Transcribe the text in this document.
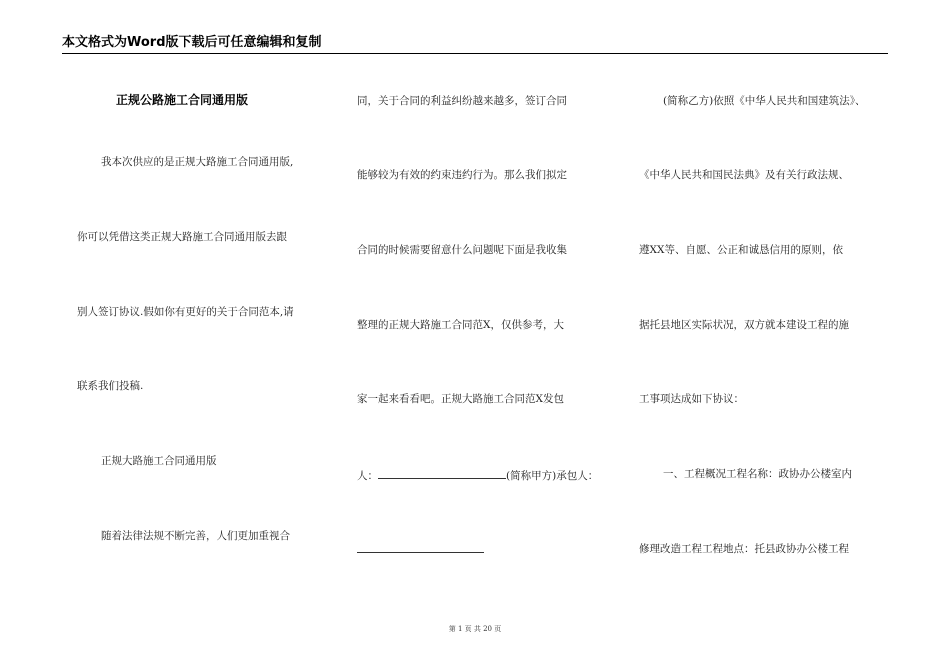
本文格式为Word版下载后可任意编辑和复制
正规公路施工合同通用版
我本次供应的是正规大路施工合同通用版,
你可以凭借这类正规大路施工合同通用版去跟
别人签订协议.假如你有更好的关于合同范本,请
联系我们投稿.
正规大路施工合同通用版
随着法律法规不断完善，人们更加重视合
同，关于合同的利益纠纷越来越多，签订合同
能够较为有效的约束违约行为。那么我们拟定
合同的时候需要留意什么问题呢下面是我收集
整理的正规大路施工合同范X，仅供参考，大
家一起来看看吧。正规大路施工合同范X发包
人：	(简称甲方)承包人：
(简称乙方)依照《中华人民共和国建筑法》、
《中华人民共和国民法典》及有关行政法规、
遵XX等、自愿、公正和诚恳信用的原则，依
据托县地区实际状况，双方就本建设工程的施
工事项达成如下协议：
一、工程概况工程名称：政协办公楼室内
修理改造工程工程地点：托县政协办公楼工程
第 1 页 共 20 页
